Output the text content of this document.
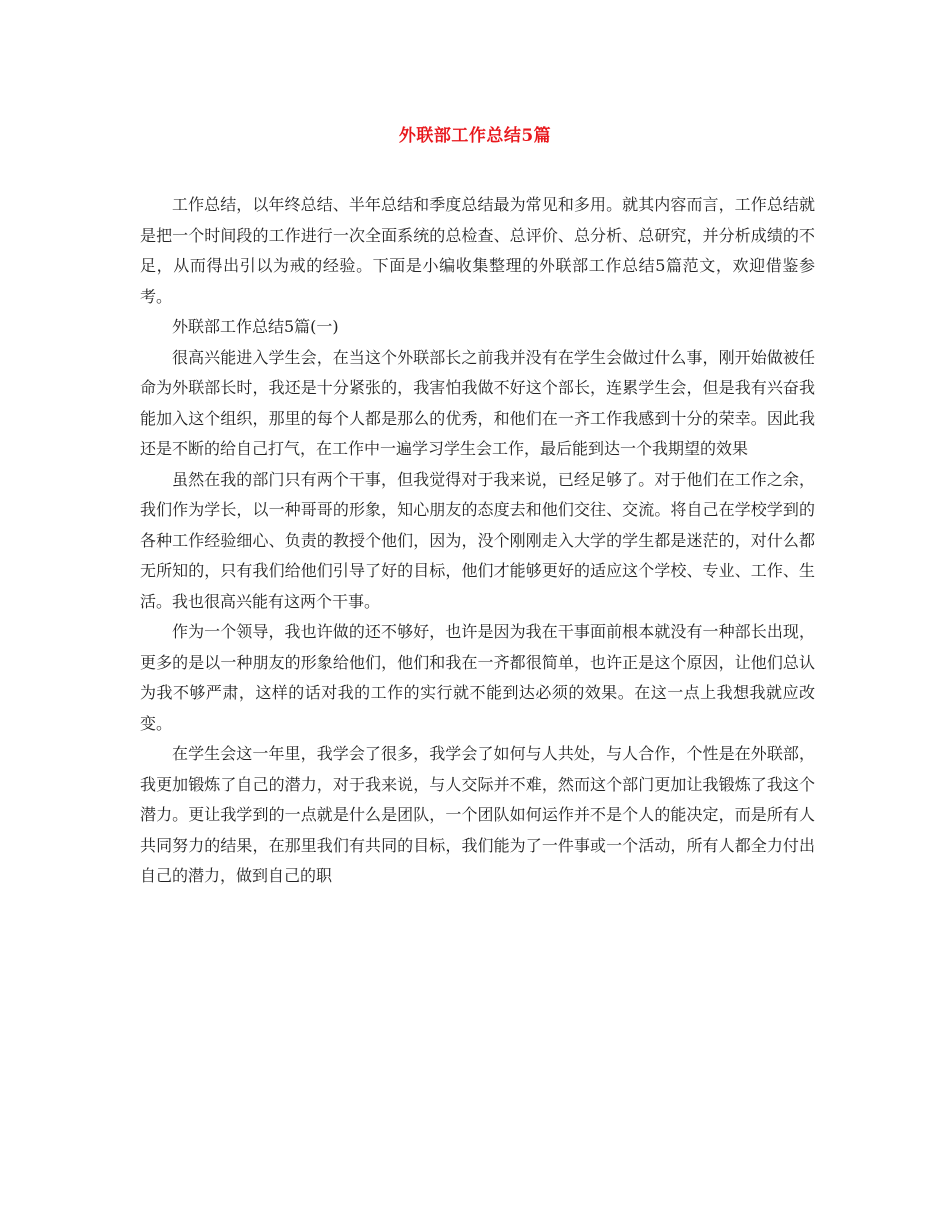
外联部工作总结5篇

工作总结，以年终总结、半年总结和季度总结最为常见和多用。就其内容而言，工作总结就是把一个时间段的工作进行一次全面系统的总检查、总评价、总分析、总研究，并分析成绩的不足，从而得出引以为戒的经验。下面是小编收集整理的外联部工作总结5篇范文，欢迎借鉴参考。

外联部工作总结5篇(一)

很高兴能进入学生会，在当这个外联部长之前我并没有在学生会做过什么事，刚开始做被任命为外联部长时，我还是十分紧张的，我害怕我做不好这个部长，连累学生会，但是我有兴奋我能加入这个组织，那里的每个人都是那么的优秀，和他们在一齐工作我感到十分的荣幸。因此我还是不断的给自己打气，在工作中一遍学习学生会工作，最后能到达一个我期望的效果

虽然在我的部门只有两个干事，但我觉得对于我来说，已经足够了。对于他们在工作之余，我们作为学长，以一种哥哥的形象，知心朋友的态度去和他们交往、交流。将自己在学校学到的各种工作经验细心、负责的教授个他们，因为，没个刚刚走入大学的学生都是迷茫的，对什么都无所知的，只有我们给他们引导了好的目标，他们才能够更好的适应这个学校、专业、工作、生活。我也很高兴能有这两个干事。

作为一个领导，我也许做的还不够好，也许是因为我在干事面前根本就没有一种部长出现，更多的是以一种朋友的形象给他们，他们和我在一齐都很简单，也许正是这个原因，让他们总认为我不够严肃，这样的话对我的工作的实行就不能到达必须的效果。在这一点上我想我就应改变。

在学生会这一年里，我学会了很多，我学会了如何与人共处，与人合作，个性是在外联部，我更加锻炼了自己的潜力，对于我来说，与人交际并不难，然而这个部门更加让我锻炼了我这个潜力。更让我学到的一点就是什么是团队，一个团队如何运作并不是个人的能决定，而是所有人共同努力的结果，在那里我们有共同的目标，我们能为了一件事或一个活动，所有人都全力付出自己的潜力，做到自己的职
